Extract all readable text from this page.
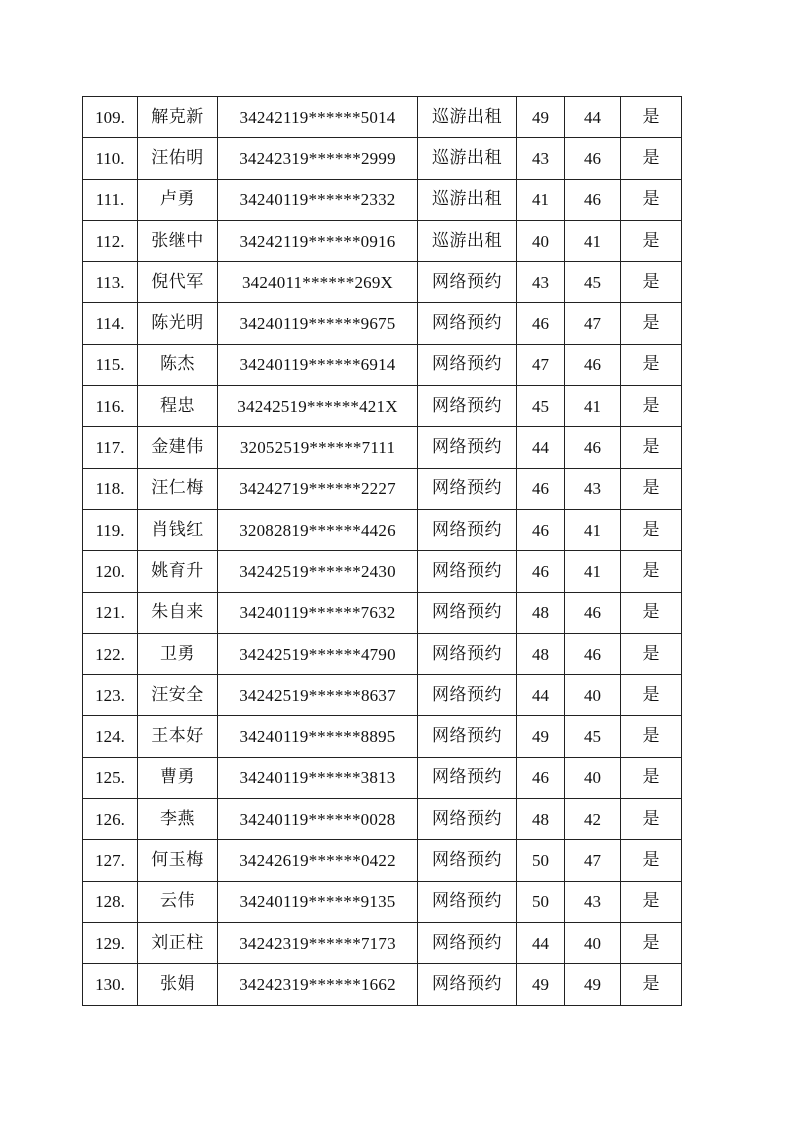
109.	解克新	34242119******5014	巡游出租	49	44	是
110.	汪佑明	34242319******2999	巡游出租	43	46	是
111.	卢勇	34240119******2332	巡游出租	41	46	是
112.	张继中	34242119******0916	巡游出租	40	41	是
113.	倪代军	3424011******269X	网络预约	43	45	是
114.	陈光明	34240119******9675	网络预约	46	47	是
115.	陈杰	34240119******6914	网络预约	47	46	是
116.	程忠	34242519******421X	网络预约	45	41	是
117.	金建伟	32052519******7111	网络预约	44	46	是
118.	汪仁梅	34242719******2227	网络预约	46	43	是
119.	肖钱红	32082819******4426	网络预约	46	41	是
120.	姚育升	34242519******2430	网络预约	46	41	是
121.	朱自来	34240119******7632	网络预约	48	46	是
122.	卫勇	34242519******4790	网络预约	48	46	是
123.	汪安全	34242519******8637	网络预约	44	40	是
124.	王本好	34240119******8895	网络预约	49	45	是
125.	曹勇	34240119******3813	网络预约	46	40	是
126.	李燕	34240119******0028	网络预约	48	42	是
127.	何玉梅	34242619******0422	网络预约	50	47	是
128.	云伟	34240119******9135	网络预约	50	43	是
129.	刘正柱	34242319******7173	网络预约	44	40	是
130.	张娟	34242319******1662	网络预约	49	49	是
